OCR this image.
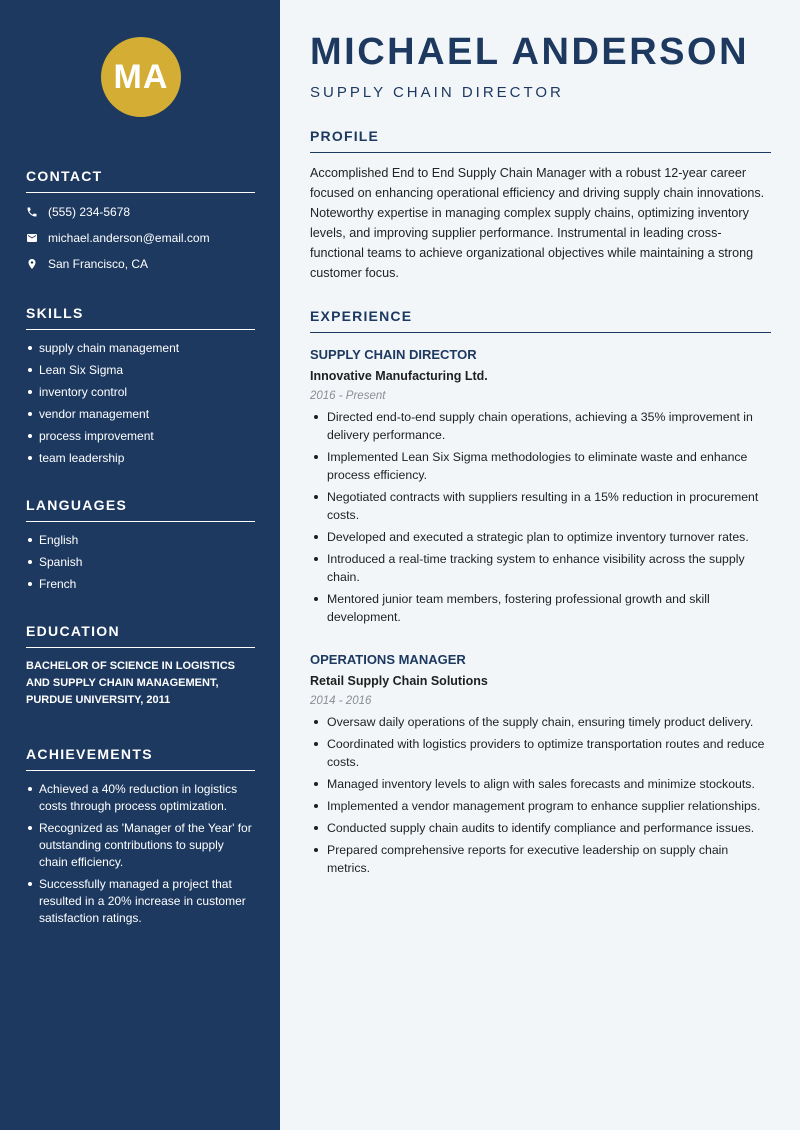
MA
CONTACT
(555) 234-5678
michael.anderson@email.com
San Francisco, CA
SKILLS
supply chain management
Lean Six Sigma
inventory control
vendor management
process improvement
team leadership
LANGUAGES
English
Spanish
French
EDUCATION
BACHELOR OF SCIENCE IN LOGISTICS AND SUPPLY CHAIN MANAGEMENT, PURDUE UNIVERSITY, 2011
ACHIEVEMENTS
Achieved a 40% reduction in logistics costs through process optimization.
Recognized as 'Manager of the Year' for outstanding contributions to supply chain efficiency.
Successfully managed a project that resulted in a 20% increase in customer satisfaction ratings.
MICHAEL ANDERSON
SUPPLY CHAIN DIRECTOR
PROFILE

Accomplished End to End Supply Chain Manager with a robust 12-year career focused on enhancing operational efficiency and driving supply chain innovations. Noteworthy expertise in managing complex supply chains, optimizing inventory levels, and improving supplier performance. Instrumental in leading cross-functional teams to achieve organizational objectives while maintaining a strong customer focus.

EXPERIENCE
SUPPLY CHAIN DIRECTOR
Innovative Manufacturing Ltd.
2016 - Present
Directed end-to-end supply chain operations, achieving a 35% improvement in delivery performance.
Implemented Lean Six Sigma methodologies to eliminate waste and enhance process efficiency.
Negotiated contracts with suppliers resulting in a 15% reduction in procurement costs.
Developed and executed a strategic plan to optimize inventory turnover rates.
Introduced a real-time tracking system to enhance visibility across the supply chain.
Mentored junior team members, fostering professional growth and skill development.
OPERATIONS MANAGER
Retail Supply Chain Solutions
2014 - 2016
Oversaw daily operations of the supply chain, ensuring timely product delivery.
Coordinated with logistics providers to optimize transportation routes and reduce costs.
Managed inventory levels to align with sales forecasts and minimize stockouts.
Implemented a vendor management program to enhance supplier relationships.
Conducted supply chain audits to identify compliance and performance issues.
Prepared comprehensive reports for executive leadership on supply chain metrics.
